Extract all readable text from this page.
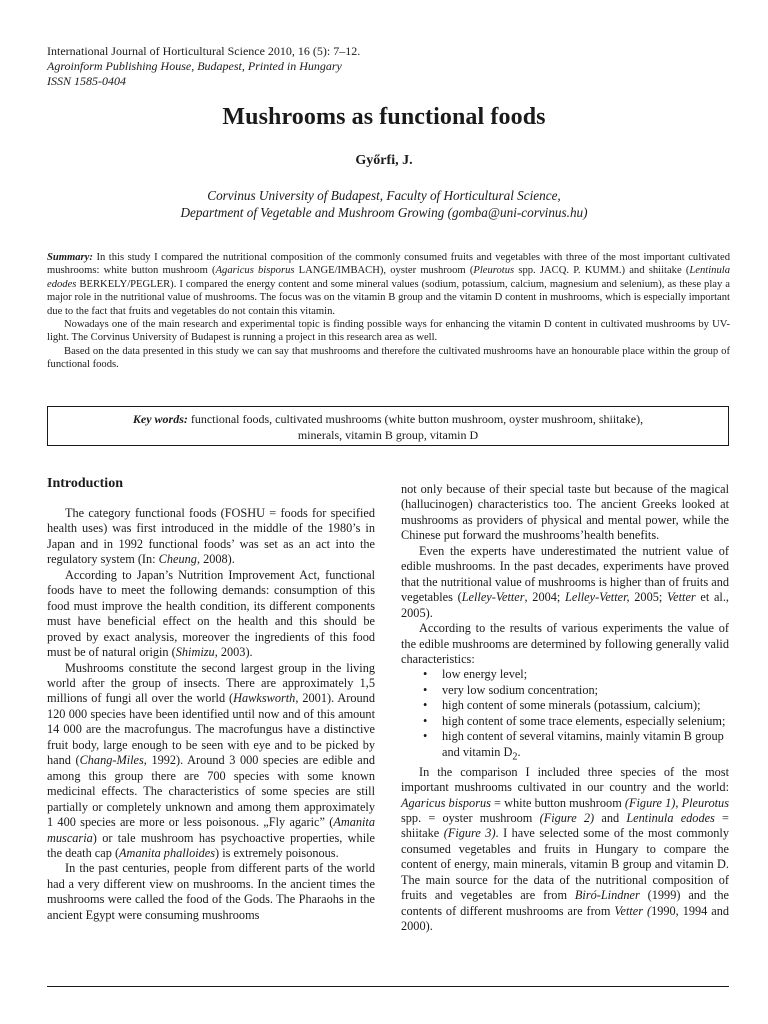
International Journal of Horticultural Science 2010, 16 (5): 7–12.
Agroinform Publishing House, Budapest, Printed in Hungary
ISSN 1585-0404
Mushrooms as functional foods
Győrfi, J.
Corvinus University of Budapest, Faculty of Horticultural Science,
Department of Vegetable and Mushroom Growing (gomba@uni-corvinus.hu)

Summary: In this study I compared the nutritional composition of the commonly consumed fruits and vegetables with three of the most important cultivated mushrooms: white button mushroom (Agaricus bisporus LANGE/IMBACH), oyster mushroom (Pleurotus spp. JACQ. P. KUMM.) and shiitake (Lentinula edodes BERKELY/PEGLER). I compared the energy content and some mineral values (sodium, potassium, calcium, magnesium and selenium), as these play a major role in the nutritional value of mushrooms. The focus was on the vitamin B group and the vitamin D content in mushrooms, which is especially important due to the fact that fruits and vegetables do not contain this vitamin.

Nowadays one of the main research and experimental topic is finding possible ways for enhancing the vitamin D content in cultivated mushrooms by UV-light. The Corvinus University of Budapest is running a project in this research area as well.

Based on the data presented in this study we can say that mushrooms and therefore the cultivated mushrooms have an honourable place within the group of functional foods.

Key words: functional foods, cultivated mushrooms (white button mushroom, oyster mushroom, shiitake),
minerals, vitamin B group, vitamin D
Introduction

The category functional foods (FOSHU = foods for specified health uses) was first introduced in the middle of the 1980’s in Japan and in 1992 functional foods’ was set as an act into the regulatory system (In: Cheung, 2008).

According to Japan’s Nutrition Improvement Act, functional foods have to meet the following demands: consumption of this food must improve the health condition, its different components must have beneficial effect on the health and this should be proved by exact analysis, moreover the ingredients of this food must be of natural origin (Shimizu, 2003).

Mushrooms constitute the second largest group in the living world after the group of insects. There are approximately 1,5 millions of fungi all over the world (Hawksworth, 2001). Around 120 000 species have been identified until now and of this amount 14 000 are the macrofungus. The macrofungus have a distinctive fruit body, large enough to be seen with eye and to be picked by hand (Chang-Miles, 1992). Around 3 000 species are edible and among this group there are 700 species with some known medicinal effects. The characteristics of some species are still partially or completely unknown and among them approximately 1 400 species are more or less poisonous. „Fly agaric” (Amanita muscaria) or tale mushroom has psychoactive properties, while the death cap (Amanita phalloides) is extremely poisonous.

In the past centuries, people from different parts of the world had a very different view on mushrooms. In the ancient times the mushrooms were called the food of the Gods. The Pharaohs in the ancient Egypt were consuming mushrooms

not only because of their special taste but because of the magical (hallucinogen) characteristics too. The ancient Greeks looked at mushrooms as providers of physical and mental power, while the Chinese put forward the mushrooms’health benefits.

Even the experts have underestimated the nutrient value of edible mushrooms. In the past decades, experiments have proved that the nutritional value of mushrooms is higher than of fruits and vegetables (Lelley-Vetter, 2004; Lelley-Vetter, 2005; Vetter et al., 2005).

According to the results of various experiments the value of the edible mushrooms are determined by following generally valid characteristics:

• low energy level;
• very low sodium concentration;
• high content of some minerals (potassium, calcium);
• high content of some trace elements, especially selenium;
• high content of several vitamins, mainly vitamin B group and vitamin $D_2$.

In the comparison I included three species of the most important mushrooms cultivated in our country and the world: Agaricus bisporus = white button mushroom (Figure 1), Pleurotus spp. = oyster mushroom (Figure 2) and Lentinula edodes = shiitake (Figure 3). I have selected some of the most commonly consumed vegetables and fruits in Hungary to compare the content of energy, main minerals, vitamin B group and vitamin D. The main source for the data of the nutritional composition of fruits and vegetables are from Biró-Lindner (1999) and the contents of different mushrooms are from Vetter (1990, 1994 and 2000).
